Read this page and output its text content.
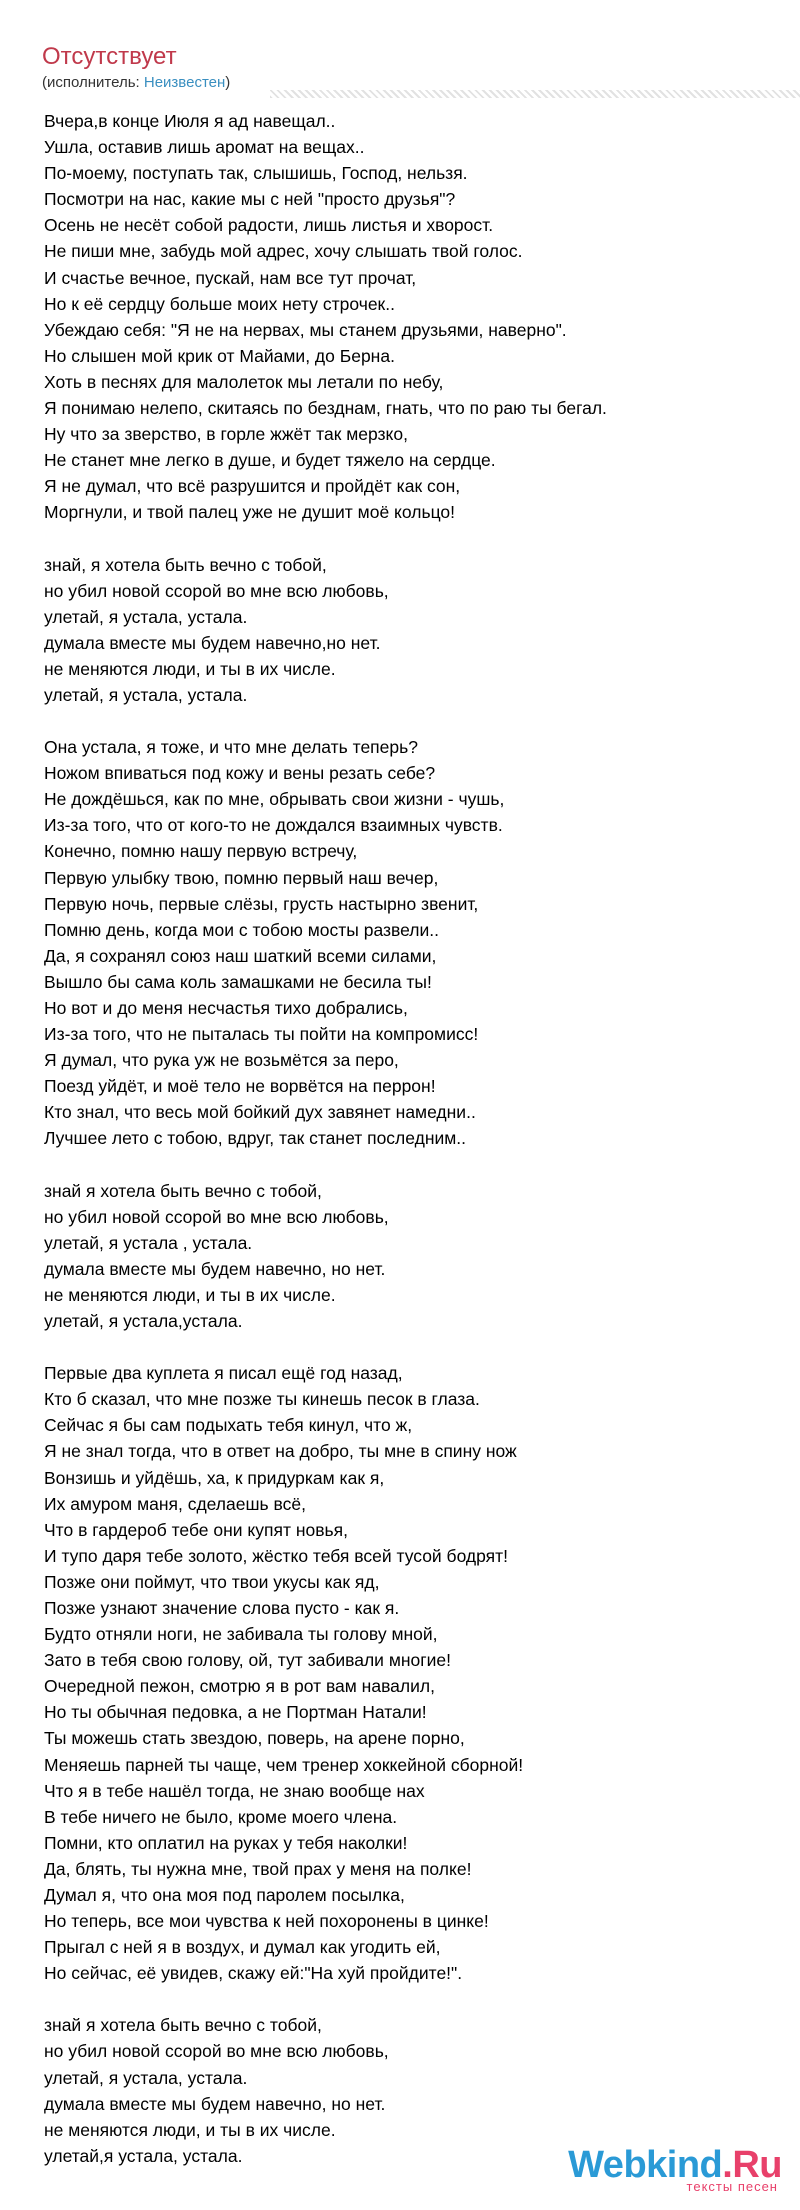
Отсутствует
(исполнитель: Неизвестен)
Вчера,в конце Июля я ад навещал..
Ушла, оставив лишь аромат на вещах..
По-моему, поступать так, слышишь, Господ, нельзя.
Посмотри на нас, какие мы с ней "просто друзья"?
Осень не несёт собой радости, лишь листья и хворост.
Не пиши мне, забудь мой адрес, хочу слышать твой голос.
И счастье вечное, пускай, нам все тут прочат,
Но к её сердцу больше моих нету строчек..
Убеждаю себя: "Я не на нервах, мы станем друзьями, наверно".
Но слышен мой крик от Майами, до Берна.
Хоть в песнях для малолеток мы летали по небу,
Я понимаю нелепо, скитаясь по безднам, гнать, что по раю ты бегал.
Ну что за зверство, в горле жжёт так мерзко,
Не станет мне легко в душе, и будет тяжело на сердце.
Я не думал, что всё разрушится и пройдёт как сон,
Моргнули, и твой палец уже не душит моё кольцо!
знай, я хотела быть вечно с тобой,
но убил новой ссорой во мне всю любовь,
улетай, я устала, устала.
думала вместе мы будем навечно,но нет.
не меняются люди, и ты в их числе.
улетай, я устала, устала.
Она устала, я тоже, и что мне делать теперь?
Ножом впиваться под кожу и вены резать себе?
Не дождёшься, как по мне, обрывать свои жизни - чушь,
Из-за того, что от кого-то не дождался взаимных чувств.
Конечно, помню нашу первую встречу,
Первую улыбку твою, помню первый наш вечер,
Первую ночь, первые слёзы, грусть настырно звенит,
Помню день, когда мои с тобою мосты развели..
Да, я сохранял союз наш шаткий всеми силами,
Вышло бы сама коль замашками не бесила ты!
Но вот и до меня несчастья тихо добрались,
Из-за того, что не пыталась ты пойти на компромисс!
Я думал, что рука уж не возьмётся за перо,
Поезд уйдёт, и моё тело не ворвётся на перрон!
Кто знал, что весь мой бойкий дух завянет намедни..
Лучшее лето с тобою, вдруг, так станет последним..
знай я хотела быть вечно с тобой,
но убил новой ссорой во мне всю любовь,
улетай, я устала , устала.
думала вместе мы будем навечно, но нет.
не меняются люди, и ты в их числе.
улетай, я устала,устала.
Первые два куплета я писал ещё год назад,
Кто б сказал, что мне позже ты кинешь песок в глаза.
Сейчас я бы сам подыхать тебя кинул, что ж,
Я не знал тогда, что в ответ на добро, ты мне в спину нож
Вонзишь и уйдёшь, ха, к придуркам как я,
Их амуром маня, сделаешь всё,
Что в гардероб тебе они купят новья,
И тупо даря тебе золото, жёстко тебя всей тусой бодрят!
Позже они поймут, что твои укусы как яд,
Позже узнают значение слова пусто - как я.
Будто отняли ноги, не забивала ты голову мной,
Зато в тебя свою голову, ой, тут забивали многие!
Очередной пежон, смотрю я в рот вам навалил,
Но ты обычная педовка, а не Портман Натали!
Ты можешь стать звездою, поверь, на арене порно,
Меняешь парней ты чаще, чем тренер хоккейной сборной!
Что я в тебе нашёл тогда, не знаю вообще нах
В тебе ничего не было, кроме моего члена.
Помни, кто оплатил на руках у тебя наколки!
Да, блять, ты нужна мне, твой прах у меня на полке!
Думал я, что она моя под паролем посылка,
Но теперь, все мои чувства к ней похоронены в цинке!
Прыгал с ней я в воздух, и думал как угодить ей,
Но сейчас, её увидев, скажу ей:"На хуй пройдите!".
знай я хотела быть вечно с тобой,
но убил новой ссорой во мне всю любовь,
улетай, я устала, устала.
думала вместе мы будем навечно, но нет.
не меняются люди, и ты в их числе.
улетай,я устала, устала.	Webkind.Ru
тексты песен
